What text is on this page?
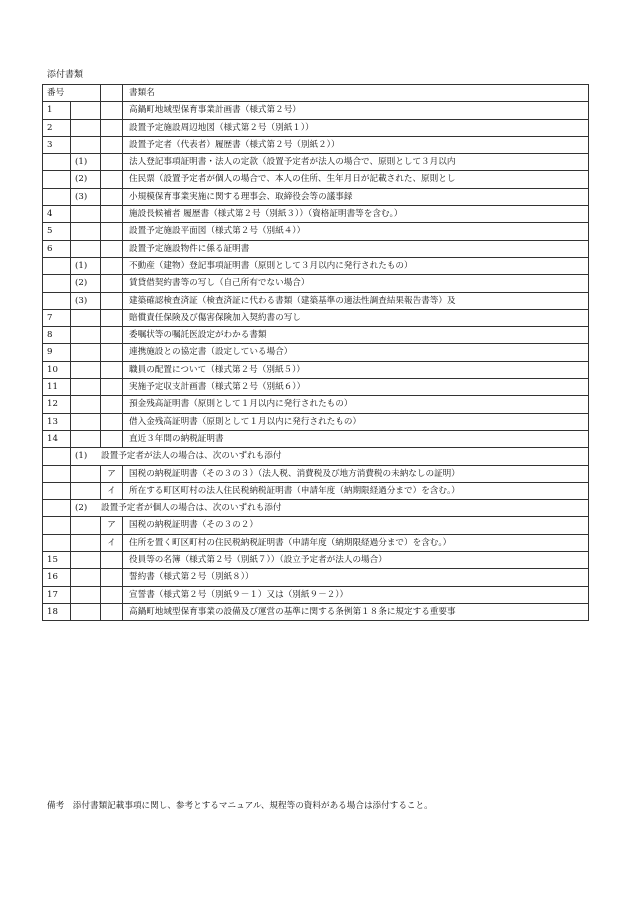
添付書類
番号			書類名	
1			高鍋町地域型保育事業計画書（様式第２号）	
2			設置予定施設周辺地図（様式第２号（別紙１））	

3			設置予定者（代表者）履歴書（様式第２号（別紙２））	

	(1)		法人登記事項証明書・法人の定款（設置予定者が法人の場合で、原則として３月以内	

	(2)		住民票（設置予定者が個人の場合で、本人の住所、生年月日が記載された、原則とし	

	(3)		小規模保育事業実施に関する理事会、取締役会等の議事録	
4			施設長候補者 履歴書（様式第２号（別紙３））（資格証明書等を含む。）	
5			設置予定施設平面図（様式第２号（別紙４））	
6			設置予定施設物件に係る証明書	
	(1)		不動産（建物）登記事項証明書（原則として３月以内に発行されたもの）	
	(2)		賃貸借契約書等の写し（自己所有でない場合）	
	(3)		建築確認検査済証（検査済証に代わる書類（建築基準の適法性調査結果報告書等）及	

7			賠償責任保険及び傷害保険加入契約書の写し	
8			委嘱状等の嘱託医設定がわかる書類	
9			連携施設との協定書（設定している場合）	
10			職員の配置について（様式第２号（別紙５））	

11			実施予定収支計画書（様式第２号（別紙６））	
12			預金残高証明書（原則として１月以内に発行されたもの）	
13			借入金残高証明書（原則として１月以内に発行されたもの）	
14			直近３年間の納税証明書	
	(1) 設置予定者が法人の場合は、次のいずれも添付			
		ア	国税の納税証明書（その３の３）（法人税、消費税及び地方消費税の未納なしの証明）	
		イ	所在する町区町村の法人住民税納税証明書（申請年度（納期限経過分まで）を含む。）	
	(2) 設置予定者が個人の場合は、次のいずれも添付			
		ア	国税の納税証明書（その３の２）	

		イ	住所を置く町区町村の住民税納税証明書（申請年度（納期限経過分まで）を含む。）	
15			役員等の名簿（様式第２号（別紙７））（設立予定者が法人の場合）	
16			誓約書（様式第２号（別紙８））	
17			宣誓書（様式第２号（別紙９－１）又は（別紙９－２））	
18			高鍋町地域型保育事業の設備及び運営の基準に関する条例第１８条に規定する重要事	

備考　添付書類記載事項に関し、参考とするマニュアル、規程等の資料がある場合は添付すること。
